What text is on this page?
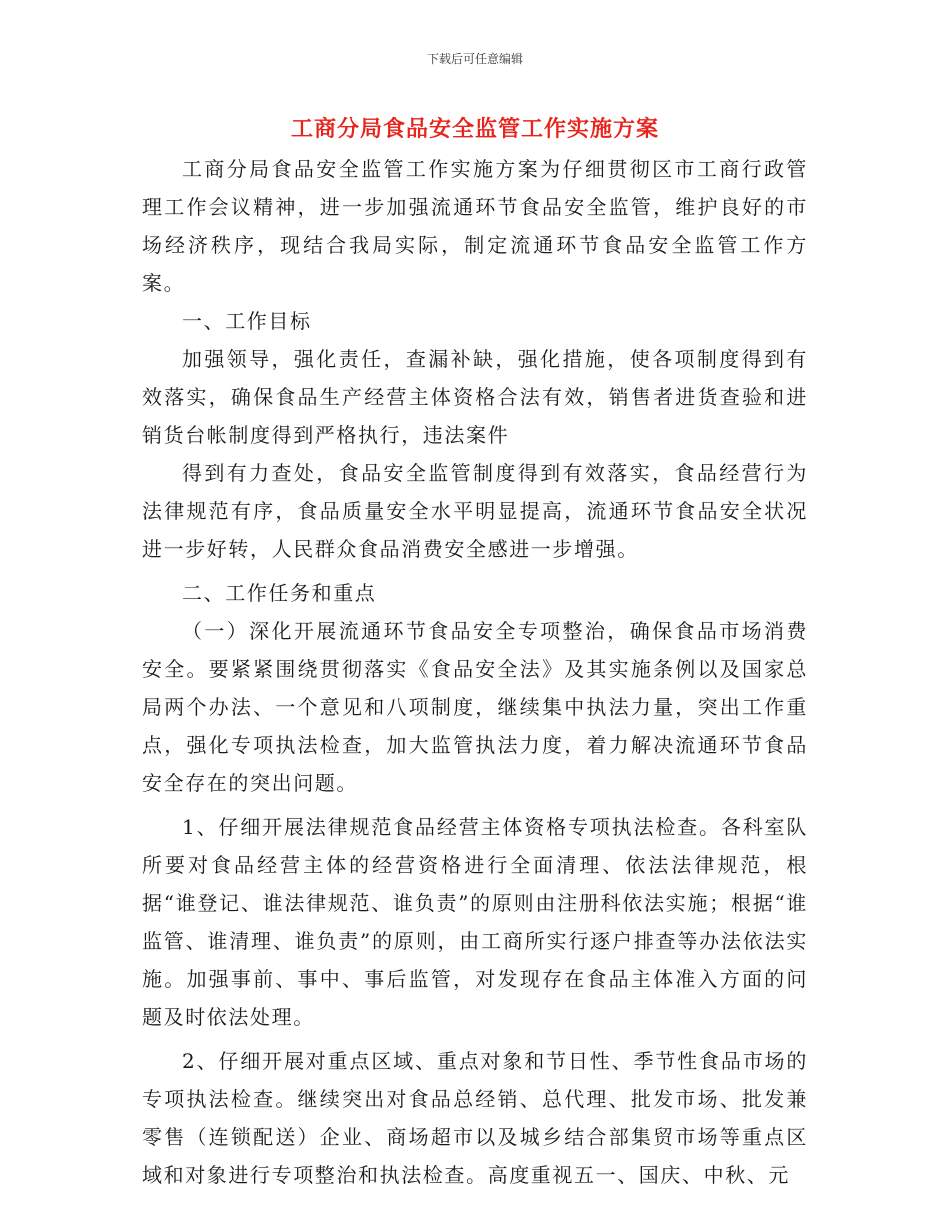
下载后可任意编辑
工商分局食品安全监管工作实施方案

工商分局食品安全监管工作实施方案为仔细贯彻区市工商行政管理工作会议精神，进一步加强流通环节食品安全监管，维护良好的市场经济秩序，现结合我局实际，制定流通环节食品安全监管工作方案。

一、工作目标

加强领导，强化责任，查漏补缺，强化措施，使各项制度得到有效落实，确保食品生产经营主体资格合法有效，销售者进货查验和进销货台帐制度得到严格执行，违法案件

得到有力查处，食品安全监管制度得到有效落实，食品经营行为法律规范有序，食品质量安全水平明显提高，流通环节食品安全状况进一步好转，人民群众食品消费安全感进一步增强。

二、工作任务和重点

（一）深化开展流通环节食品安全专项整治，确保食品市场消费安全。要紧紧围绕贯彻落实《食品安全法》及其实施条例以及国家总局两个办法、一个意见和八项制度，继续集中执法力量，突出工作重点，强化专项执法检查，加大监管执法力度，着力解决流通环节食品安全存在的突出问题。

1、仔细开展法律规范食品经营主体资格专项执法检查。各科室队所要对食品经营主体的经营资格进行全面清理、依法法律规范，根据“谁登记、谁法律规范、谁负责”的原则由注册科依法实施；根据“谁监管、谁清理、谁负责”的原则，由工商所实行逐户排查等办法依法实施。加强事前、事中、事后监管，对发现存在食品主体准入方面的问题及时依法处理。

2、仔细开展对重点区域、重点对象和节日性、季节性食品市场的专项执法检查。继续突出对食品总经销、总代理、批发市场、批发兼零售（连锁配送）企业、商场超市以及城乡结合部集贸市场等重点区域和对象进行专项整治和执法检查。高度重视五一、国庆、中秋、元
